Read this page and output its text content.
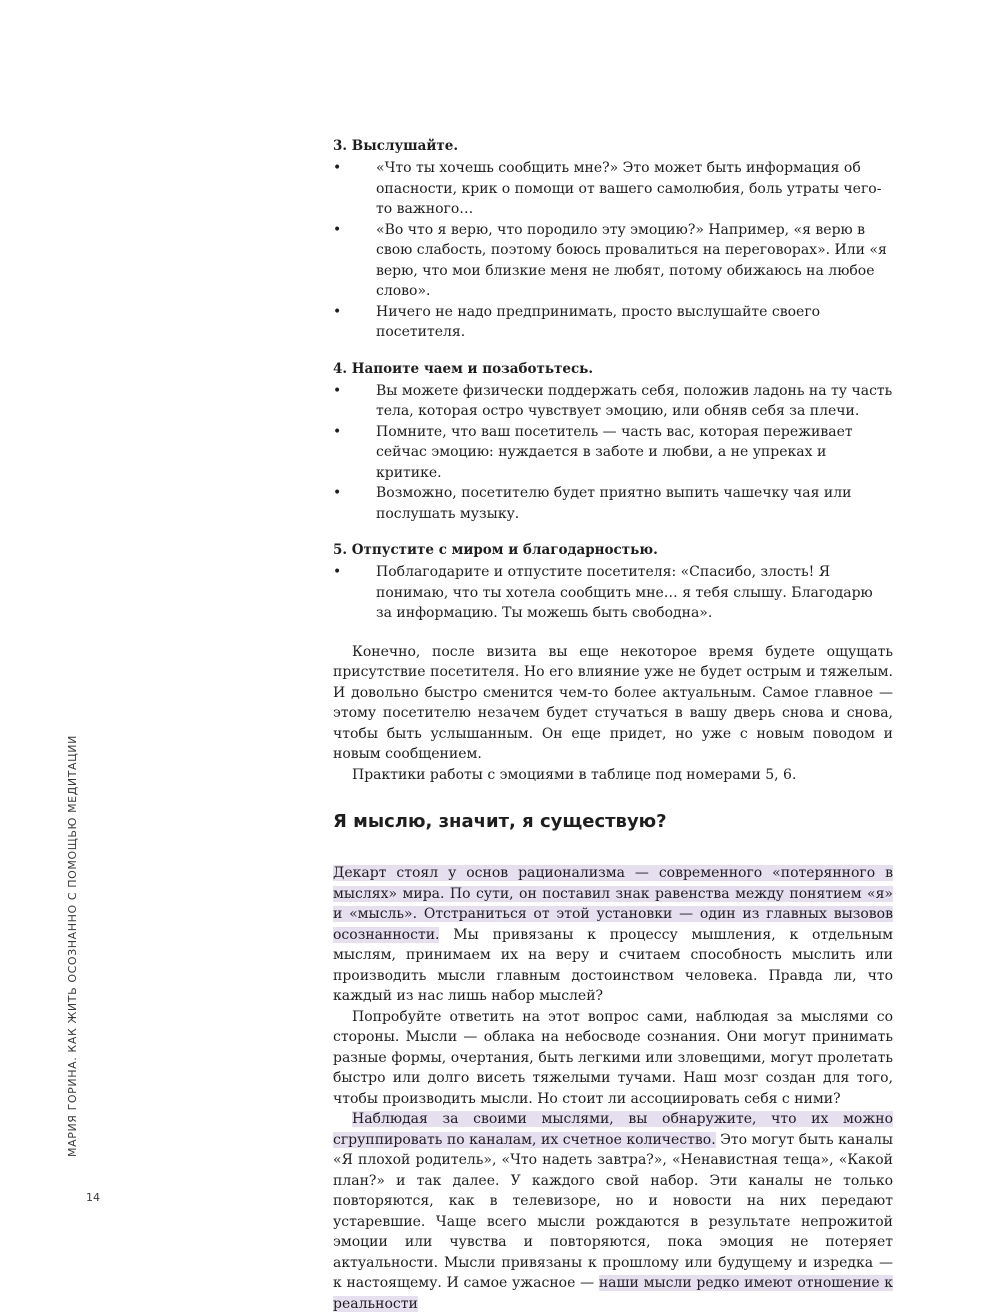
МАРИЯ ГОРИНА. КАК ЖИТЬ ОСОЗНАННО С ПОМОЩЬЮ МЕДИТАЦИИ
14

3. Выслушайте.

• «Что ты хочешь сообщить мне?» Это может быть информация об опасности, крик о помощи от вашего самолюбия, боль утраты чего-то важного…
• «Во что я верю, что породило эту эмоцию?» Например, «я верю в свою слабость, поэтому боюсь провалиться на переговорах». Или «я верю, что мои близкие меня не любят, потому обижаюсь на любое слово».
• Ничего не надо предпринимать, просто выслушайте своего посетителя.

4. Напоите чаем и позаботьтесь.

• Вы можете физически поддержать себя, положив ладонь на ту часть тела, которая остро чувствует эмоцию, или обняв себя за плечи.
• Помните, что ваш посетитель — часть вас, которая переживает сейчас эмоцию: нуждается в заботе и любви, а не упреках и критике.
• Возможно, посетителю будет приятно выпить чашечку чая или послушать музыку.

5. Отпустите с миром и благодарностью.

• Поблагодарите и отпустите посетителя: «Спасибо, злость! Я понимаю, что ты хотела сообщить мне… я тебя слышу. Благодарю за информацию. Ты можешь быть свободна».

Конечно, после визита вы еще некоторое время будете ощущать присутствие посетителя. Но его влияние уже не будет острым и тяжелым. И довольно быстро сменится чем-то более актуальным. Самое главное — этому посетителю незачем будет стучаться в вашу дверь снова и снова, чтобы быть услышанным. Он еще придет, но уже с новым поводом и новым сообщением.

Практики работы с эмоциями в таблице под номерами 5, 6.

Я мыслю, значит, я существую?

Декарт стоял у основ рационализма — современного «потерянного в мыслях» мира. По сути, он поставил знак равенства между понятием «я» и «мысль». Отстраниться от этой установки — один из главных вызовов осознанности. Мы привязаны к процессу мышления, к отдельным мыслям, принимаем их на веру и считаем способность мыслить или производить мысли главным достоинством человека. Правда ли, что каждый из нас лишь набор мыслей?

Попробуйте ответить на этот вопрос сами, наблюдая за мыслями со стороны. Мысли — облака на небосводе сознания. Они могут принимать разные формы, очертания, быть легкими или зловещими, могут пролетать быстро или долго висеть тяжелыми тучами. Наш мозг создан для того, чтобы производить мысли. Но стоит ли ассоциировать себя с ними?

Наблюдая за своими мыслями, вы обнаружите, что их можно сгруппировать по каналам, их счетное количество. Это могут быть каналы «Я плохой родитель», «Что надеть завтра?», «Ненавистная теща», «Какой план?» и так далее. У каждого свой набор. Эти каналы не только повторяются, как в телевизоре, но и новости на них передают устаревшие. Чаще всего мысли рождаются в результате непрожитой эмоции или чувства и повторяются, пока эмоция не потеряет актуальности. Мысли привязаны к прошлому или будущему и изредка — к настоящему. И самое ужасное — наши мысли редко имеют отношение к реальности
